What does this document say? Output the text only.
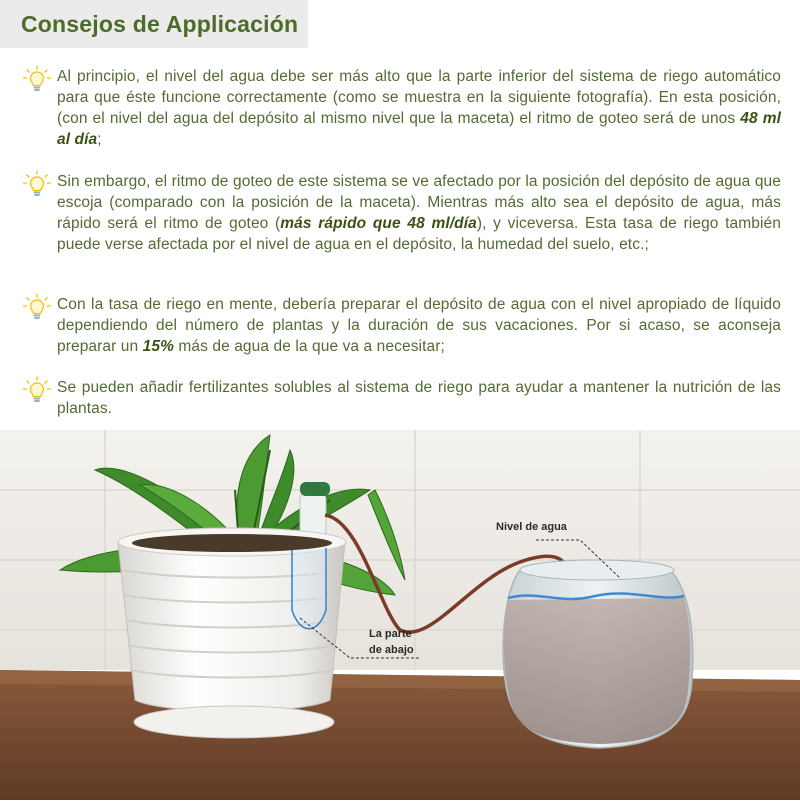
Consejos de Applicación
Al principio, el nivel del agua debe ser más alto que la parte inferior del sistema de riego automático para que éste funcione correctamente (como se muestra en la siguiente fotografía). En esta posición, (con el nivel del agua del depósito al mismo nivel que la maceta) el ritmo de goteo será de unos 48 ml al día;
Sin embargo, el ritmo de goteo de este sistema se ve afectado por la posición del depósito de agua que escoja (comparado con la posición de la maceta). Mientras más alto sea el depósito de agua, más rápido será el ritmo de goteo (más rápido que 48 ml/día), y viceversa. Esta tasa de riego también puede verse afectada por el nivel de agua en el depósito, la humedad del suelo, etc.;
Con la tasa de riego en mente, debería preparar el depósito de agua con el nivel apropiado de líquido dependiendo del número de plantas y la duración de sus vacaciones. Por si acaso, se aconseja preparar un 15% más de agua de la que va a necesitar;
Se pueden añadir fertilizantes solubles al sistema de riego para ayudar a mantener la nutrición de las plantas.
Nivel de agua
La parte
de abajo
